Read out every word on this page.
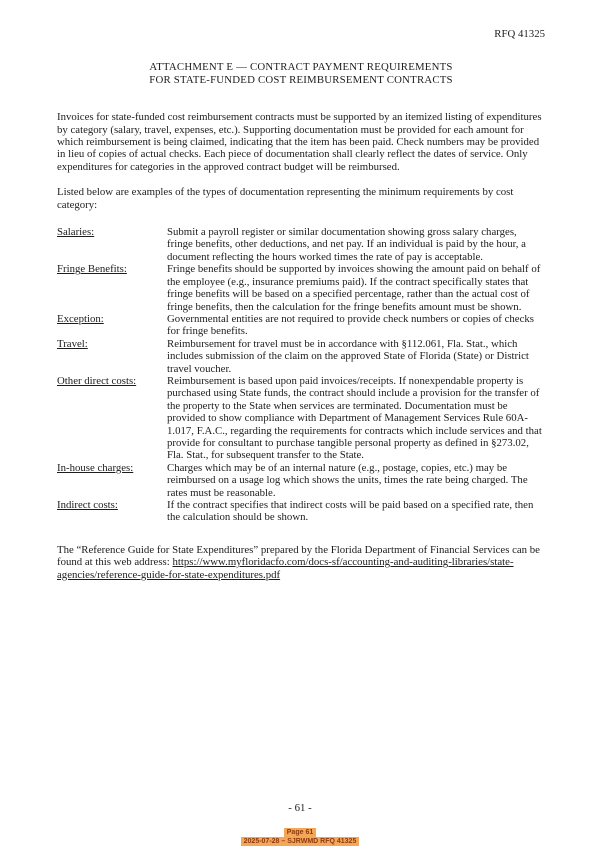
RFQ 41325
ATTACHMENT E — CONTRACT PAYMENT REQUIREMENTS
FOR STATE-FUNDED COST REIMBURSEMENT CONTRACTS

Invoices for state-funded cost reimbursement contracts must be supported by an itemized listing of expenditures by category (salary, travel, expenses, etc.). Supporting documentation must be provided for each amount for which reimbursement is being claimed, indicating that the item has been paid. Check numbers may be provided in lieu of copies of actual checks. Each piece of documentation shall clearly reflect the dates of service. Only expenditures for categories in the approved contract budget will be reimbursed.

Listed below are examples of the types of documentation representing the minimum requirements by cost category:

Salaries:	Submit a payroll register or similar documentation showing gross salary charges, fringe benefits, other deductions, and net pay. If an individual is paid by the hour, a document reflecting the hours worked times the rate of pay is acceptable.
Fringe Benefits:	Fringe benefits should be supported by invoices showing the amount paid on behalf of the employee (e.g., insurance premiums paid). If the contract specifically states that fringe benefits will be based on a specified percentage, rather than the actual cost of fringe benefits, then the calculation for the fringe benefits amount must be shown.
Exception:	Governmental entities are not required to provide check numbers or copies of checks for fringe benefits.
Travel:	Reimbursement for travel must be in accordance with §112.061, Fla. Stat., which includes submission of the claim on the approved State of Florida (State) or District travel voucher.
Other direct costs:	Reimbursement is based upon paid invoices/receipts. If nonexpendable property is purchased using State funds, the contract should include a provision for the transfer of the property to the State when services are terminated. Documentation must be provided to show compliance with Department of Management Services Rule 60A-1.017, F.A.C., regarding the requirements for contracts which include services and that provide for consultant to purchase tangible personal property as defined in §273.02, Fla. Stat., for subsequent transfer to the State.
In-house charges:	Charges which may be of an internal nature (e.g., postage, copies, etc.) may be reimbursed on a usage log which shows the units, times the rate being charged. The rates must be reasonable.
Indirect costs:	If the contract specifies that indirect costs will be paid based on a specified rate, then the calculation should be shown.

The “Reference Guide for State Expenditures” prepared by the Florida Department of Financial Services can be found at this web address: https://www.myfloridacfo.com/docs-sf/accounting-and-auditing-libraries/state-agencies/reference-guide-for-state-expenditures.pdf

- 61 -
Page 61
2025-07-28 – SJRWMD RFQ 41325
